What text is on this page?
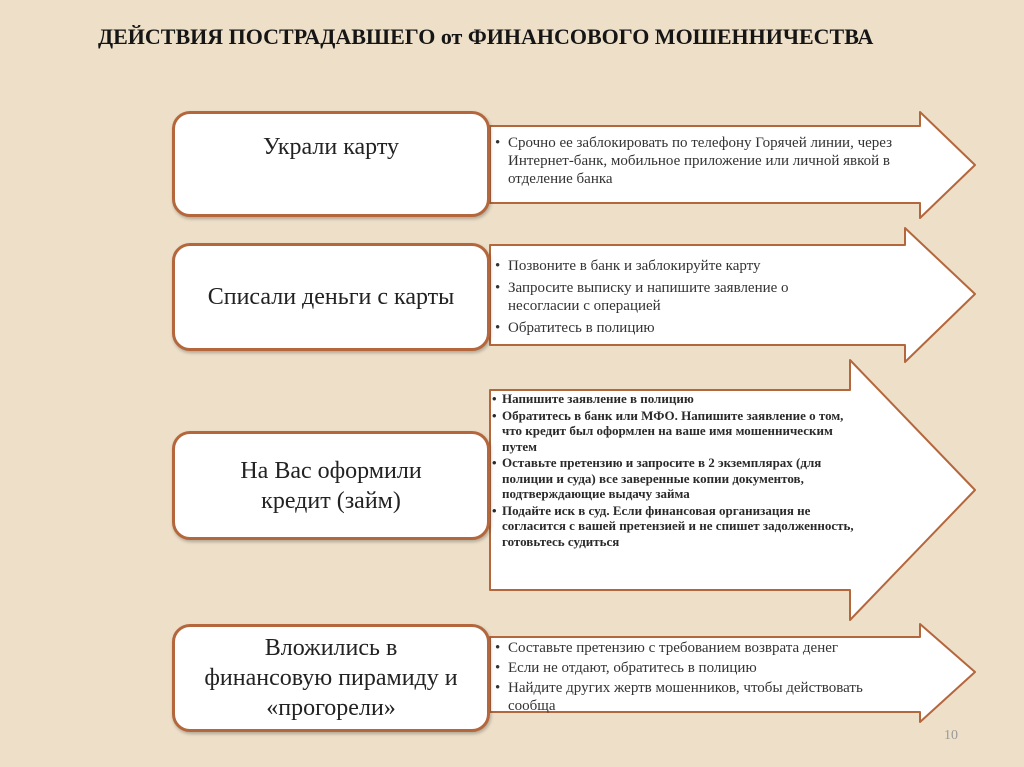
ДЕЙСТВИЯ ПОСТРАДАВШЕГО от ФИНАНСОВОГО МОШЕННИЧЕСТВА
Украли карту
•	Срочно ее заблокировать по телефону Горячей линии, через Интернет-банк, мобильное приложение или личной явкой в отделение банка
Списали деньги с карты
• Позвоните в банк и заблокируйте карту
• Запросите выписку и напишите заявление о несогласии с операцией
• Обратитесь в полицию
На Вас оформили кредит (займ)
• Напишите заявление в полицию
• Обратитесь в банк или МФО. Напишите заявление о том, что кредит был оформлен на ваше имя мошенническим путем
• Оставьте претензию и запросите в 2 экземплярах (для полиции и суда) все заверенные копии документов, подтверждающие выдачу займа
• Подайте иск в суд. Если финансовая организация не согласится с вашей претензией и не спишет задолженность, готовьтесь судиться
Вложились в финансовую пирамиду и «прогорели»
• Составьте претензию с требованием возврата денег
• Если не отдают, обратитесь в полицию
• Найдите других жертв мошенников, чтобы действовать сообща
10
